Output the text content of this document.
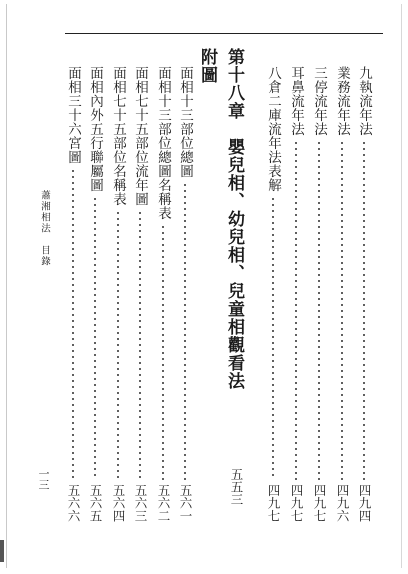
九執流年法
四九四
業務流年法
四九六
三停流年法
四九七
耳鼻流年法
四九七
八倉二庫流年法表解
四九七
第十八章　嬰兒相、幼兒相、兒童相觀看法
五五三
附圖
面相十三部位總圖
五六一
面相十三部位總圖名稱表
五六二
面相七十五部位流年圖
五六三
面相七十五部位名稱表
五六四
面相內外五行聯屬圖
五六五
面相三十六宮圖
五六六
蕭湘相法　目錄
一三
